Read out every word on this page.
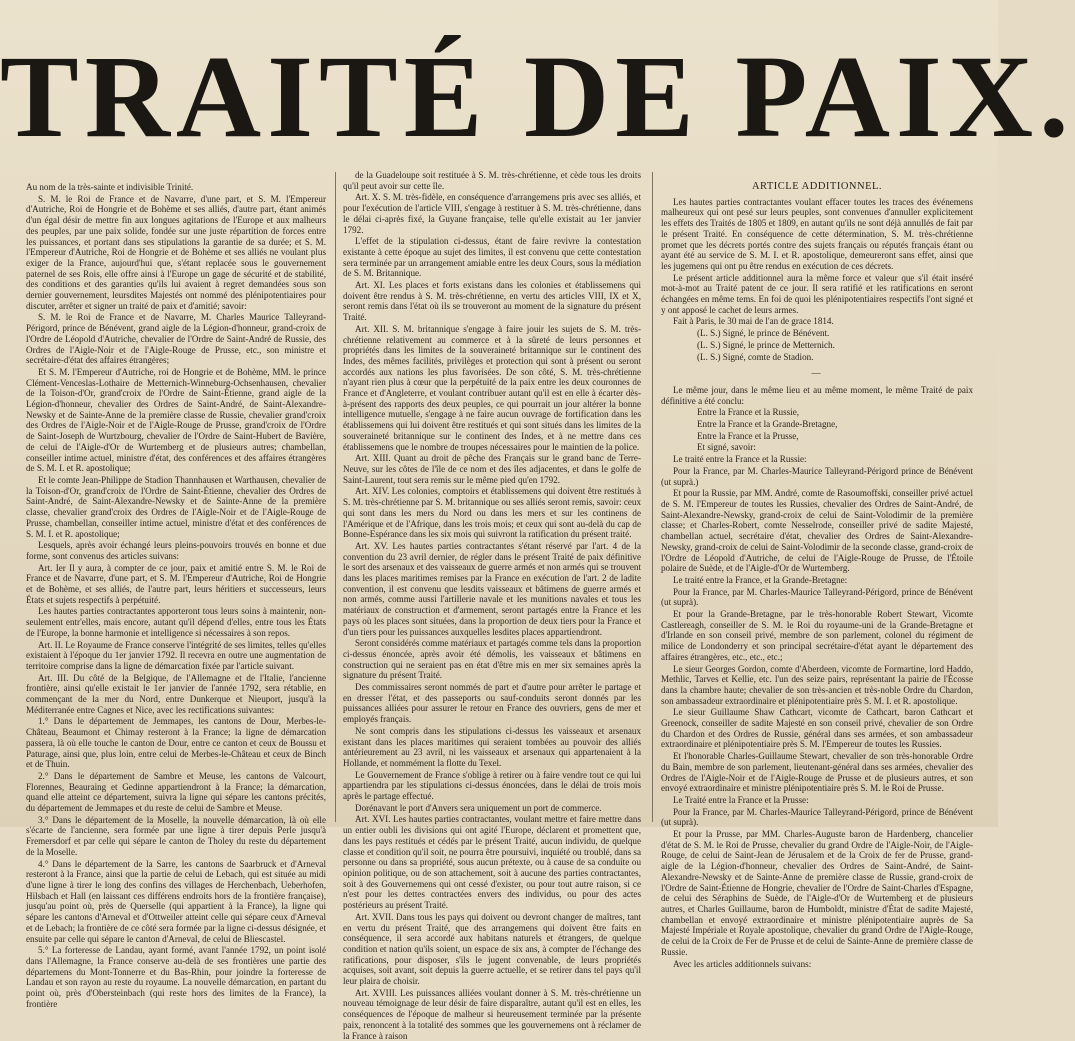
TRAITÉ DE PAIX.

Au nom de la très-sainte et indivisible Trinité.

S. M. le Roi de France et de Navarre, d'une part, et S. M. l'Empereur d'Autriche, Roi de Hongrie et de Bohème et ses alliés, d'autre part, étant animés d'un égal désir de mettre fin aux longues agitations de l'Europe et aux malheurs des peuples, par une paix solide, fondée sur une juste répartition de forces entre les puissances, et portant dans ses stipulations la garantie de sa durée; et S. M. l'Empereur d'Autriche, Roi de Hongrie et de Bohème et ses alliés ne voulant plus exiger de la France, aujourd'hui que, s'étant replacée sous le gouvernement paternel de ses Rois, elle offre ainsi à l'Europe un gage de sécurité et de stabilité, des conditions et des garanties qu'ils lui avaient à regret demandées sous son dernier gouvernement, leursdites Majestés ont nommé des plénipotentiaires pour discuter, arrêter et signer un traité de paix et d'amitié; savoir:

S. M. le Roi de France et de Navarre, M. Charles Maurice Talleyrand-Périgord, prince de Bénévent, grand aigle de la Légion-d'honneur, grand-croix de l'Ordre de Léopold d'Autriche, chevalier de l'Ordre de Saint-André de Russie, des Ordres de l'Aigle-Noir et de l'Aigle-Rouge de Prusse, etc., son ministre et secrétaire-d'état des affaires étrangères;

Et S. M. l'Empereur d'Autriche, roi de Hongrie et de Bohème, MM. le prince Clément-Venceslas-Lothaire de Metternich-Winneburg-Ochsenhausen, chevalier de la Toison-d'Or, grand'croix de l'Ordre de Saint-Étienne, grand aigle de la Légion-d'honneur, chevalier des Ordres de Saint-André, de Saint-Alexandre-Newsky et de Sainte-Anne de la première classe de Russie, chevalier grand'croix des Ordres de l'Aigle-Noir et de l'Aigle-Rouge de Prusse, grand'croix de l'Ordre de Saint-Joseph de Wurtzbourg, chevalier de l'Ordre de Saint-Hubert de Bavière, de celui de l'Aigle-d'Or de Wurtemberg et de plusieurs autres; chambellan, conseiller intime actuel, ministre d'état, des conférences et des affaires étrangères de S. M. I. et R. apostolique;

Et le comte Jean-Philippe de Stadion Thannhausen et Warthausen, chevalier de la Toison-d'Or, grand'croix de l'Ordre de Saint-Étienne, chevalier des Ordres de Saint-André, de Saint-Alexandre-Newsky et de Sainte-Anne de la première classe, chevalier grand'croix des Ordres de l'Aigle-Noir et de l'Aigle-Rouge de Prusse, chambellan, conseiller intime actuel, ministre d'état et des conférences de S. M. I. et R. apostolique;

Lesquels, après avoir échangé leurs pleins-pouvoirs trouvés en bonne et due forme, sont convenus des articles suivans:

Art. Ier Il y aura, à compter de ce jour, paix et amitié entre S. M. le Roi de France et de Navarre, d'une part, et S. M. l'Empereur d'Autriche, Roi de Hongrie et de Bohème, et ses alliés, de l'autre part, leurs héritiers et successeurs, leurs États et sujets respectifs à perpétuité.

Les hautes parties contractantes apporteront tous leurs soins à maintenir, non-seulement entr'elles, mais encore, autant qu'il dépend d'elles, entre tous les États de l'Europe, la bonne harmonie et intelligence si nécessaires à son repos.

Art. II. Le Royaume de France conserve l'intégrité de ses limites, telles qu'elles existaient à l'époque du 1er janvier 1792. Il recevra en outre une augmentation de territoire comprise dans la ligne de démarcation fixée par l'article suivant.

Art. III. Du côté de la Belgique, de l'Allemagne et de l'Italie, l'ancienne frontière, ainsi qu'elle existait le 1er janvier de l'année 1792, sera rétablie, en commençant de la mer du Nord, entre Dunkerque et Nieuport, jusqu'à la Méditerranée entre Cagnes et Nice, avec les rectifications suivantes:

1.° Dans le département de Jemmapes, les cantons de Dour, Merbes-le-Château, Beaumont et Chimay resteront à la France; la ligne de démarcation passera, là où elle touche le canton de Dour, entre ce canton et ceux de Boussu et Paturage, ainsi que, plus loin, entre celui de Merbes-le-Château et ceux de Binch et de Thuin.

2.° Dans le département de Sambre et Meuse, les cantons de Valcourt, Florennes, Beauraing et Gedinne appartiendront à la France; la démarcation, quand elle atteint ce département, suivra la ligne qui sépare les cantons précités, du département de Jemmapes et du reste de celui de Sambre et Meuse.

3.° Dans le département de la Moselle, la nouvelle démarcation, là où elle s'écarte de l'ancienne, sera formée par une ligne à tirer depuis Perle jusqu'à Fremersdorf et par celle qui sépare le canton de Tholey du reste du département de la Moselle.

4.° Dans le département de la Sarre, les cantons de Saarbruck et d'Arneval resteront à la France, ainsi que la partie de celui de Lebach, qui est située au midi d'une ligne à tirer le long des confins des villages de Herchenbach, Ueberhofen, Hilsbach et Hall (en laissant ces différens endroits hors de la frontière française), jusqu'au point où, près de Querselle (qui appartient à la France), la ligne qui sépare les cantons d'Arneval et d'Ottweiler atteint celle qui sépare ceux d'Arneval et de Lebach; la frontière de ce côté sera formée par la ligne ci-dessus désignée, et ensuite par celle qui sépare le canton d'Arneval, de celui de Bliescastel.

5.° La forteresse de Landau, ayant formé, avant l'année 1792, un point isolé dans l'Allemagne, la France conserve au-delà de ses frontières une partie des départemens du Mont-Tonnerre et du Bas-Rhin, pour joindre la forteresse de Landau et son rayon au reste du royaume. La nouvelle démarcation, en partant du point où, près d'Obersteinbach (qui reste hors des limites de la France), la frontière

de la Guadeloupe soit restituée à S. M. très-chrétienne, et cède tous les droits qu'il peut avoir sur cette île.

Art. X. S. M. très-fidèle, en conséquence d'arrangemens pris avec ses alliés, et pour l'exécution de l'article VIII, s'engage à restituer à S. M. très-chrétienne, dans le délai ci-après fixé, la Guyane française, telle qu'elle existait au 1er janvier 1792.

L'effet de la stipulation ci-dessus, étant de faire revivre la contestation existante à cette époque au sujet des limites, il est convenu que cette contestation sera terminée par un arrangement amiable entre les deux Cours, sous la médiation de S. M. Britannique.

Art. XI. Les places et forts existans dans les colonies et établissemens qui doivent être rendus à S. M. très-chrétienne, en vertu des articles VIII, IX et X, seront remis dans l'état où ils se trouveront au moment de la signature du présent Traité.

Art. XII. S. M. britannique s'engage à faire jouir les sujets de S. M. très-chrétienne relativement au commerce et à la sûreté de leurs personnes et propriétés dans les limites de la souveraineté britannique sur le continent des Indes, des mêmes facilités, privilèges et protection qui sont à présent ou seront accordés aux nations les plus favorisées. De son côté, S. M. très-chrétienne n'ayant rien plus à cœur que la perpétuité de la paix entre les deux couronnes de France et d'Angleterre, et voulant contribuer autant qu'il est en elle à écarter dès-à-présent des rapports des deux peuples, ce qui pourrait un jour altérer la bonne intelligence mutuelle, s'engage à ne faire aucun ouvrage de fortification dans les établissemens qui lui doivent être restitués et qui sont situés dans les limites de la souveraineté britannique sur le continent des Indes, et à ne mettre dans ces établissemens que le nombre de troupes nécessaires pour le maintien de la police.

Art. XIII. Quant au droit de pêche des Français sur le grand banc de Terre-Neuve, sur les côtes de l'île de ce nom et des îles adjacentes, et dans le golfe de Saint-Laurent, tout sera remis sur le même pied qu'en 1792.

Art. XIV. Les colonies, comptoirs et établissemens qui doivent être restitués à S. M. très-chrétienne par S. M. britannique ou ses alliés seront remis, savoir: ceux qui sont dans les mers du Nord ou dans les mers et sur les continens de l'Amérique et de l'Afrique, dans les trois mois; et ceux qui sont au-delà du cap de Bonne-Espérance dans les six mois qui suivront la ratification du présent traité.

Art. XV. Les hautes parties contractantes s'étant réservé par l'art. 4 de la convention du 23 avril dernier, de régler dans le présent Traité de paix définitive le sort des arsenaux et des vaisseaux de guerre armés et non armés qui se trouvent dans les places maritimes remises par la France en exécution de l'art. 2 de ladite convention, il est convenu que lesdits vaisseaux et bâtimens de guerre armés et non armés, comme aussi l'artillerie navale et les munitions navales et tous les matériaux de construction et d'armement, seront partagés entre la France et les pays où les places sont situées, dans la proportion de deux tiers pour la France et d'un tiers pour les puissances auxquelles lesdites places appartiendront.

Seront considérés comme matériaux et partagés comme tels dans la proportion ci-dessus énoncée, après avoir été démolis, les vaisseaux et bâtimens en construction qui ne seraient pas en état d'être mis en mer six semaines après la signature du présent Traité.

Des commissaires seront nommés de part et d'autre pour arrêter le partage et en dresser l'état, et des passeports ou sauf-conduits seront donnés par les puissances alliées pour assurer le retour en France des ouvriers, gens de mer et employés français.

Ne sont compris dans les stipulations ci-dessus les vaisseaux et arsenaux existant dans les places maritimes qui seraient tombées au pouvoir des alliés antérieurement au 23 avril, ni les vaisseaux et arsenaux qui appartenaient à la Hollande, et nommément la flotte du Texel.

Le Gouvernement de France s'oblige à retirer ou à faire vendre tout ce qui lui appartiendra par les stipulations ci-dessus énoncées, dans le délai de trois mois après le partage effectué.

Dorénavant le port d'Anvers sera uniquement un port de commerce.

Art. XVI. Les hautes parties contractantes, voulant mettre et faire mettre dans un entier oubli les divisions qui ont agité l'Europe, déclarent et promettent que, dans les pays restitués et cédés par le présent Traité, aucun individu, de quelque classe et condition qu'il soit, ne pourra être poursuivi, inquiété ou troublé, dans sa personne ou dans sa propriété, sous aucun prétexte, ou à cause de sa conduite ou opinion politique, ou de son attachement, soit à aucune des parties contractantes, soit à des Gouvernemens qui ont cessé d'exister, ou pour tout autre raison, si ce n'est pour les dettes contractées envers des individus, ou pour des actes postérieurs au présent Traité.

Art. XVII. Dans tous les pays qui doivent ou devront changer de maîtres, tant en vertu du présent Traité, que des arrangemens qui doivent être faits en conséquence, il sera accordé aux habitans naturels et étrangers, de quelque condition et nation qu'ils soient, un espace de six ans, à compter de l'échange des ratifications, pour disposer, s'ils le jugent convenable, de leurs propriétés acquises, soit avant, soit depuis la guerre actuelle, et se retirer dans tel pays qu'il leur plaira de choisir.

Art. XVIII. Les puissances alliées voulant donner à S. M. très-chrétienne un nouveau témoignage de leur désir de faire disparaître, autant qu'il est en elles, les conséquences de l'époque de malheur si heureusement terminée par la présente paix, renoncent à la totalité des sommes que les gouvernemens ont à réclamer de la France à raison

ARTICLE ADDITIONNEL.

Les hautes parties contractantes voulant effacer toutes les traces des événemens malheureux qui ont pesé sur leurs peuples, sont convenues d'annuller explicitement les effets des Traités de 1805 et 1809, en autant qu'ils ne sont déjà annullés de fait par le présent Traité. En conséquence de cette détermination, S. M. très-chrétienne promet que les décrets portés contre des sujets français ou réputés français étant ou ayant été au service de S. M. I. et R. apostolique, demeureront sans effet, ainsi que les jugemens qui ont pu être rendus en exécution de ces décrets.

Le présent article additionnel aura la même force et valeur que s'il était inséré mot-à-mot au Traité patent de ce jour. Il sera ratifié et les ratifications en seront échangées en même tems. En foi de quoi les plénipotentiaires respectifs l'ont signé et y ont apposé le cachet de leurs armes.

Fait à Paris, le 30 mai de l'an de grace 1814.

(L. S.) Signé, le prince de Bénévent.

(L. S.) Signé, le prince de Metternich.

(L. S.) Signé, comte de Stadion.

—

Le même jour, dans le même lieu et au même moment, le même Traité de paix définitive a été conclu:

Entre la France et la Russie,

Entre la France et la Grande-Bretagne,

Entre la France et la Prusse,

Et signé, savoir:

Le traité entre la France et la Russie:

Pour la France, par M. Charles-Maurice Talleyrand-Périgord prince de Bénévent (ut suprà.)

Et pour la Russie, par MM. André, comte de Rasoumoffski, conseiller privé actuel de S. M. l'Empereur de toutes les Russies, chevalier des Ordres de Saint-André, de Saint-Alexandre-Newsky, grand-croix de celui de Saint-Volodimir de la première classe; et Charles-Robert, comte Nesselrode, conseiller privé de sadite Majesté, chambellan actuel, secrétaire d'état, chevalier des Ordres de Saint-Alexandre-Newsky, grand-croix de celui de Saint-Volodimir de la seconde classe, grand-croix de l'Ordre de Léopold d'Autriche, de celui de l'Aigle-Rouge de Prusse, de l'Étoile polaire de Suède, et de l'Aigle-d'Or de Wurtemberg.

Le traité entre la France, et la Grande-Bretagne:

Pour la France, par M. Charles-Maurice Talleyrand-Périgord, prince de Bénévent (ut suprà).

Et pour la Grande-Bretagne, par le très-honorable Robert Stewart, Vicomte Castlereagh, conseiller de S. M. le Roi du royaume-uni de la Grande-Bretagne et d'Irlande en son conseil privé, membre de son parlement, colonel du régiment de milice de Londonderry et son principal secrétaire-d'état ayant le département des affaires étrangères, etc., etc., etc.;

Le sieur Georges Gordon, comte d'Aberdeen, vicomte de Formartine, lord Haddo, Methlic, Tarves et Kellie, etc. l'un des seize pairs, représentant la pairie de l'Écosse dans la chambre haute; chevalier de son très-ancien et très-noble Ordre du Chardon, son ambassadeur extraordinaire et plénipotentiaire près S. M. I. et R. apostolique.

Le sieur Guillaume Shaw Cathcart, vicomte de Cathcart, baron Cathcart et Greenock, conseiller de sadite Majesté en son conseil privé, chevalier de son Ordre du Chardon et des Ordres de Russie, général dans ses armées, et son ambassadeur extraordinaire et plénipotentiaire près S. M. l'Empereur de toutes les Russies.

Et l'honorable Charles-Guillaume Stewart, chevalier de son très-honorable Ordre du Bain, membre de son parlement, lieutenant-général dans ses armées, chevalier des Ordres de l'Aigle-Noir et de l'Aigle-Rouge de Prusse et de plusieurs autres, et son envoyé extraordinaire et ministre plénipotentiaire près S. M. le Roi de Prusse.

Le Traité entre la France et la Prusse:

Pour la France, par M. Charles-Maurice Talleyrand-Périgord, prince de Bénévent (ut suprà).

Et pour la Prusse, par MM. Charles-Auguste baron de Hardenberg, chancelier d'état de S. M. le Roi de Prusse, chevalier du grand Ordre de l'Aigle-Noir, de l'Aigle-Rouge, de celui de Saint-Jean de Jérusalem et de la Croix de fer de Prusse, grand-aigle de la Légion-d'honneur, chevalier des Ordres de Saint-André, de Saint-Alexandre-Newsky et de Sainte-Anne de première classe de Russie, grand-croix de l'Ordre de Saint-Étienne de Hongrie, chevalier de l'Ordre de Saint-Charles d'Espagne, de celui des Séraphins de Suède, de l'Aigle-d'Or de Wurtemberg et de plusieurs autres, et Charles Guillaume, baron de Humboldt, ministre d'État de sadite Majesté, chambellan et envoyé extraordinaire et ministre plénipotentiaire auprès de Sa Majesté Impériale et Royale apostolique, chevalier du grand Ordre de l'Aigle-Rouge, de celui de la Croix de Fer de Prusse et de celui de Sainte-Anne de première classe de Russie.

Avec les articles additionnels suivans:
